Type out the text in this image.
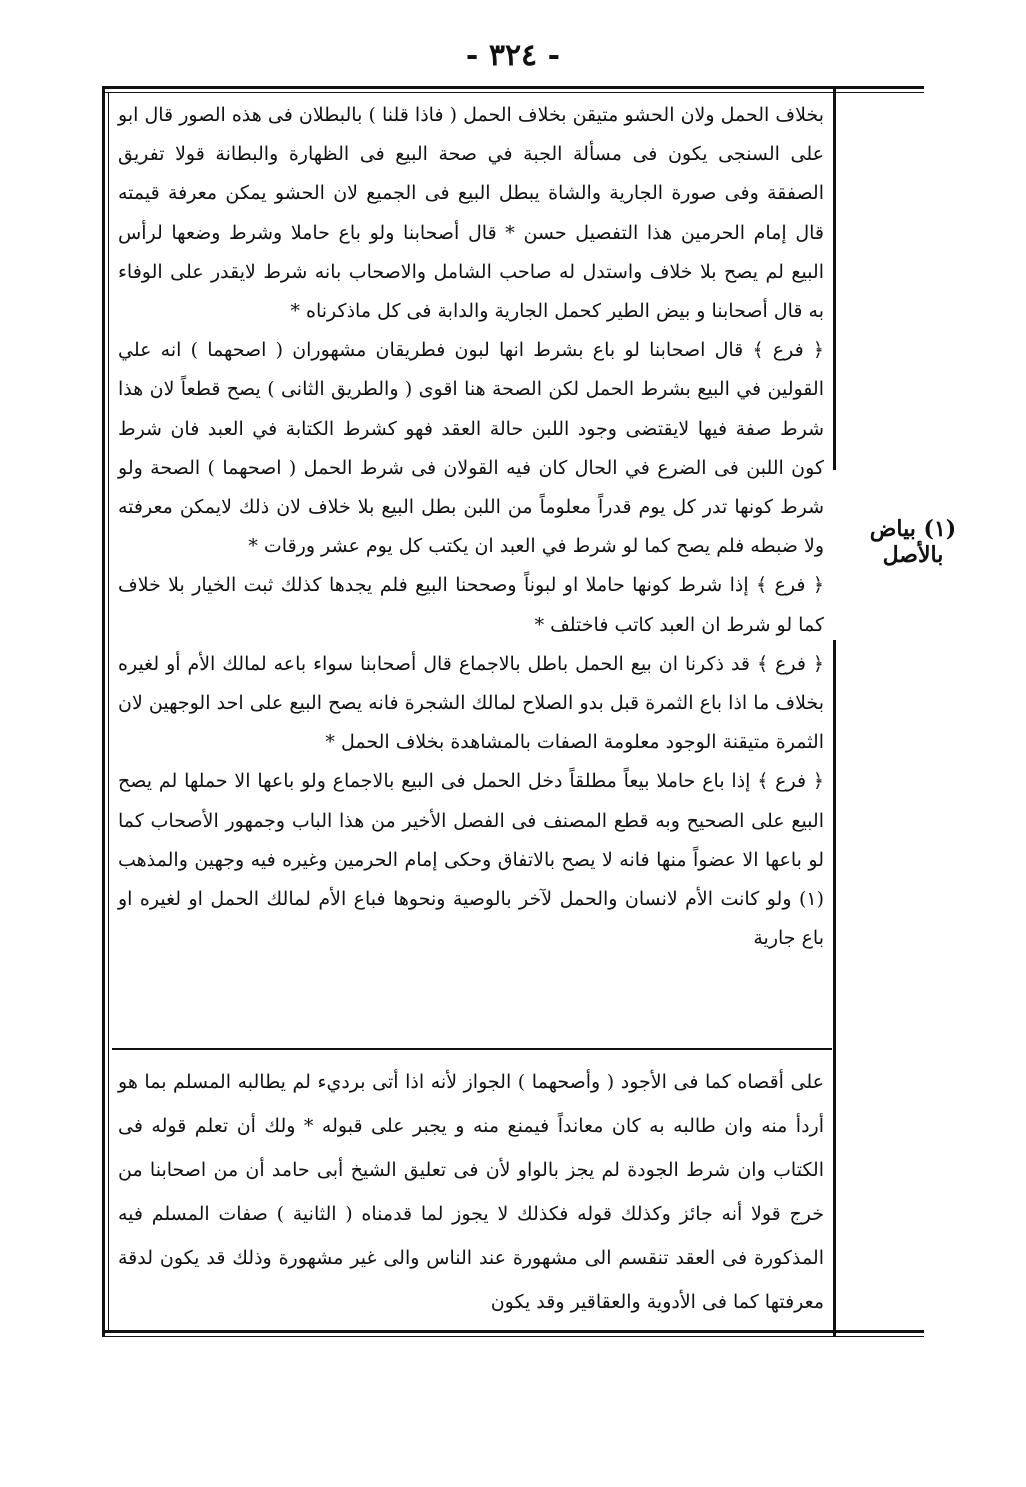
- ٣٢٤ -

بخلاف الحمل ولان الحشو متيقن بخلاف الحمل ( فاذا قلنا ) بالبطلان فى هذه الصور قال ابو على السنجى يكون فى مسألة الجبة في صحة البيع فى الظهارة والبطانة قولا تفريق الصفقة وفى صورة الجارية والشاة يبطل البيع فى الجميع لان الحشو يمكن معرفة قيمته قال إمام الحرمين هذا التفصيل حسن * قال أصحابنا ولو باع حاملا وشرط وضعها لرأس البيع لم يصح بلا خلاف واستدل له صاحب الشامل والاصحاب بانه شرط لايقدر على الوفاء به قال أصحابنا و بيض الطير كحمل الجارية والدابة فى كل ماذكرناه *

﴿ فرع ﴾ قال اصحابنا لو باع بشرط انها لبون فطريقان مشهوران ( اصحهما ) انه علي القولين في البيع بشرط الحمل لكن الصحة هنا اقوى ( والطريق الثانى ) يصح قطعاً لان هذا شرط صفة فيها لايقتضى وجود اللبن حالة العقد فهو كشرط الكتابة في العبد فان شرط كون اللبن فى الضرع في الحال كان فيه القولان فى شرط الحمل ( اصحهما ) الصحة ولو شرط كونها تدر كل يوم قدراً معلوماً من اللبن بطل البيع بلا خلاف لان ذلك لايمكن معرفته ولا ضبطه فلم يصح كما لو شرط في العبد ان يكتب كل يوم عشر ورقات *

﴿ فرع ﴾ إذا شرط كونها حاملا او لبوناً وصححنا البيع فلم يجدها كذلك ثبت الخيار بلا خلاف كما لو شرط ان العبد كاتب فاختلف *

﴿ فرع ﴾ قد ذكرنا ان بيع الحمل باطل بالاجماع قال أصحابنا سواء باعه لمالك الأم أو لغيره بخلاف ما اذا باع الثمرة قبل بدو الصلاح لمالك الشجرة فانه يصح البيع على احد الوجهين لان الثمرة متيقنة الوجود معلومة الصفات بالمشاهدة بخلاف الحمل *

﴿ فرع ﴾ إذا باع حاملا بيعاً مطلقاً دخل الحمل فى البيع بالاجماع ولو باعها الا حملها لم يصح البيع على الصحيح وبه قطع المصنف فى الفصل الأخير من هذا الباب وجمهور الأصحاب كما لو باعها الا عضواً منها فانه لا يصح بالاتفاق وحكى إمام الحرمين وغيره فيه وجهين والمذهب (١) ولو كانت الأم لانسان والحمل لآخر بالوصية ونحوها فباع الأم لمالك الحمل او لغيره او باع جارية

على أقصاه كما فى الأجود ( وأصحهما ) الجواز لأنه اذا أتى برديء لم يطالبه المسلم بما هو أردأ منه وان طالبه به كان معانداً فيمنع منه و يجبر على قبوله * ولك أن تعلم قوله فى الكتاب وان شرط الجودة لم يجز بالواو لأن فى تعليق الشيخ أبى حامد أن من اصحابنا من خرج قولا أنه جائز وكذلك قوله فكذلك لا يجوز لما قدمناه ( الثانية ) صفات المسلم فيه المذكورة فى العقد تنقسم الى مشهورة عند الناس والى غير مشهورة وذلك قد يكون لدقة معرفتها كما فى الأدوية والعقاقير وقد يكون

(١) بياض بالأصل
